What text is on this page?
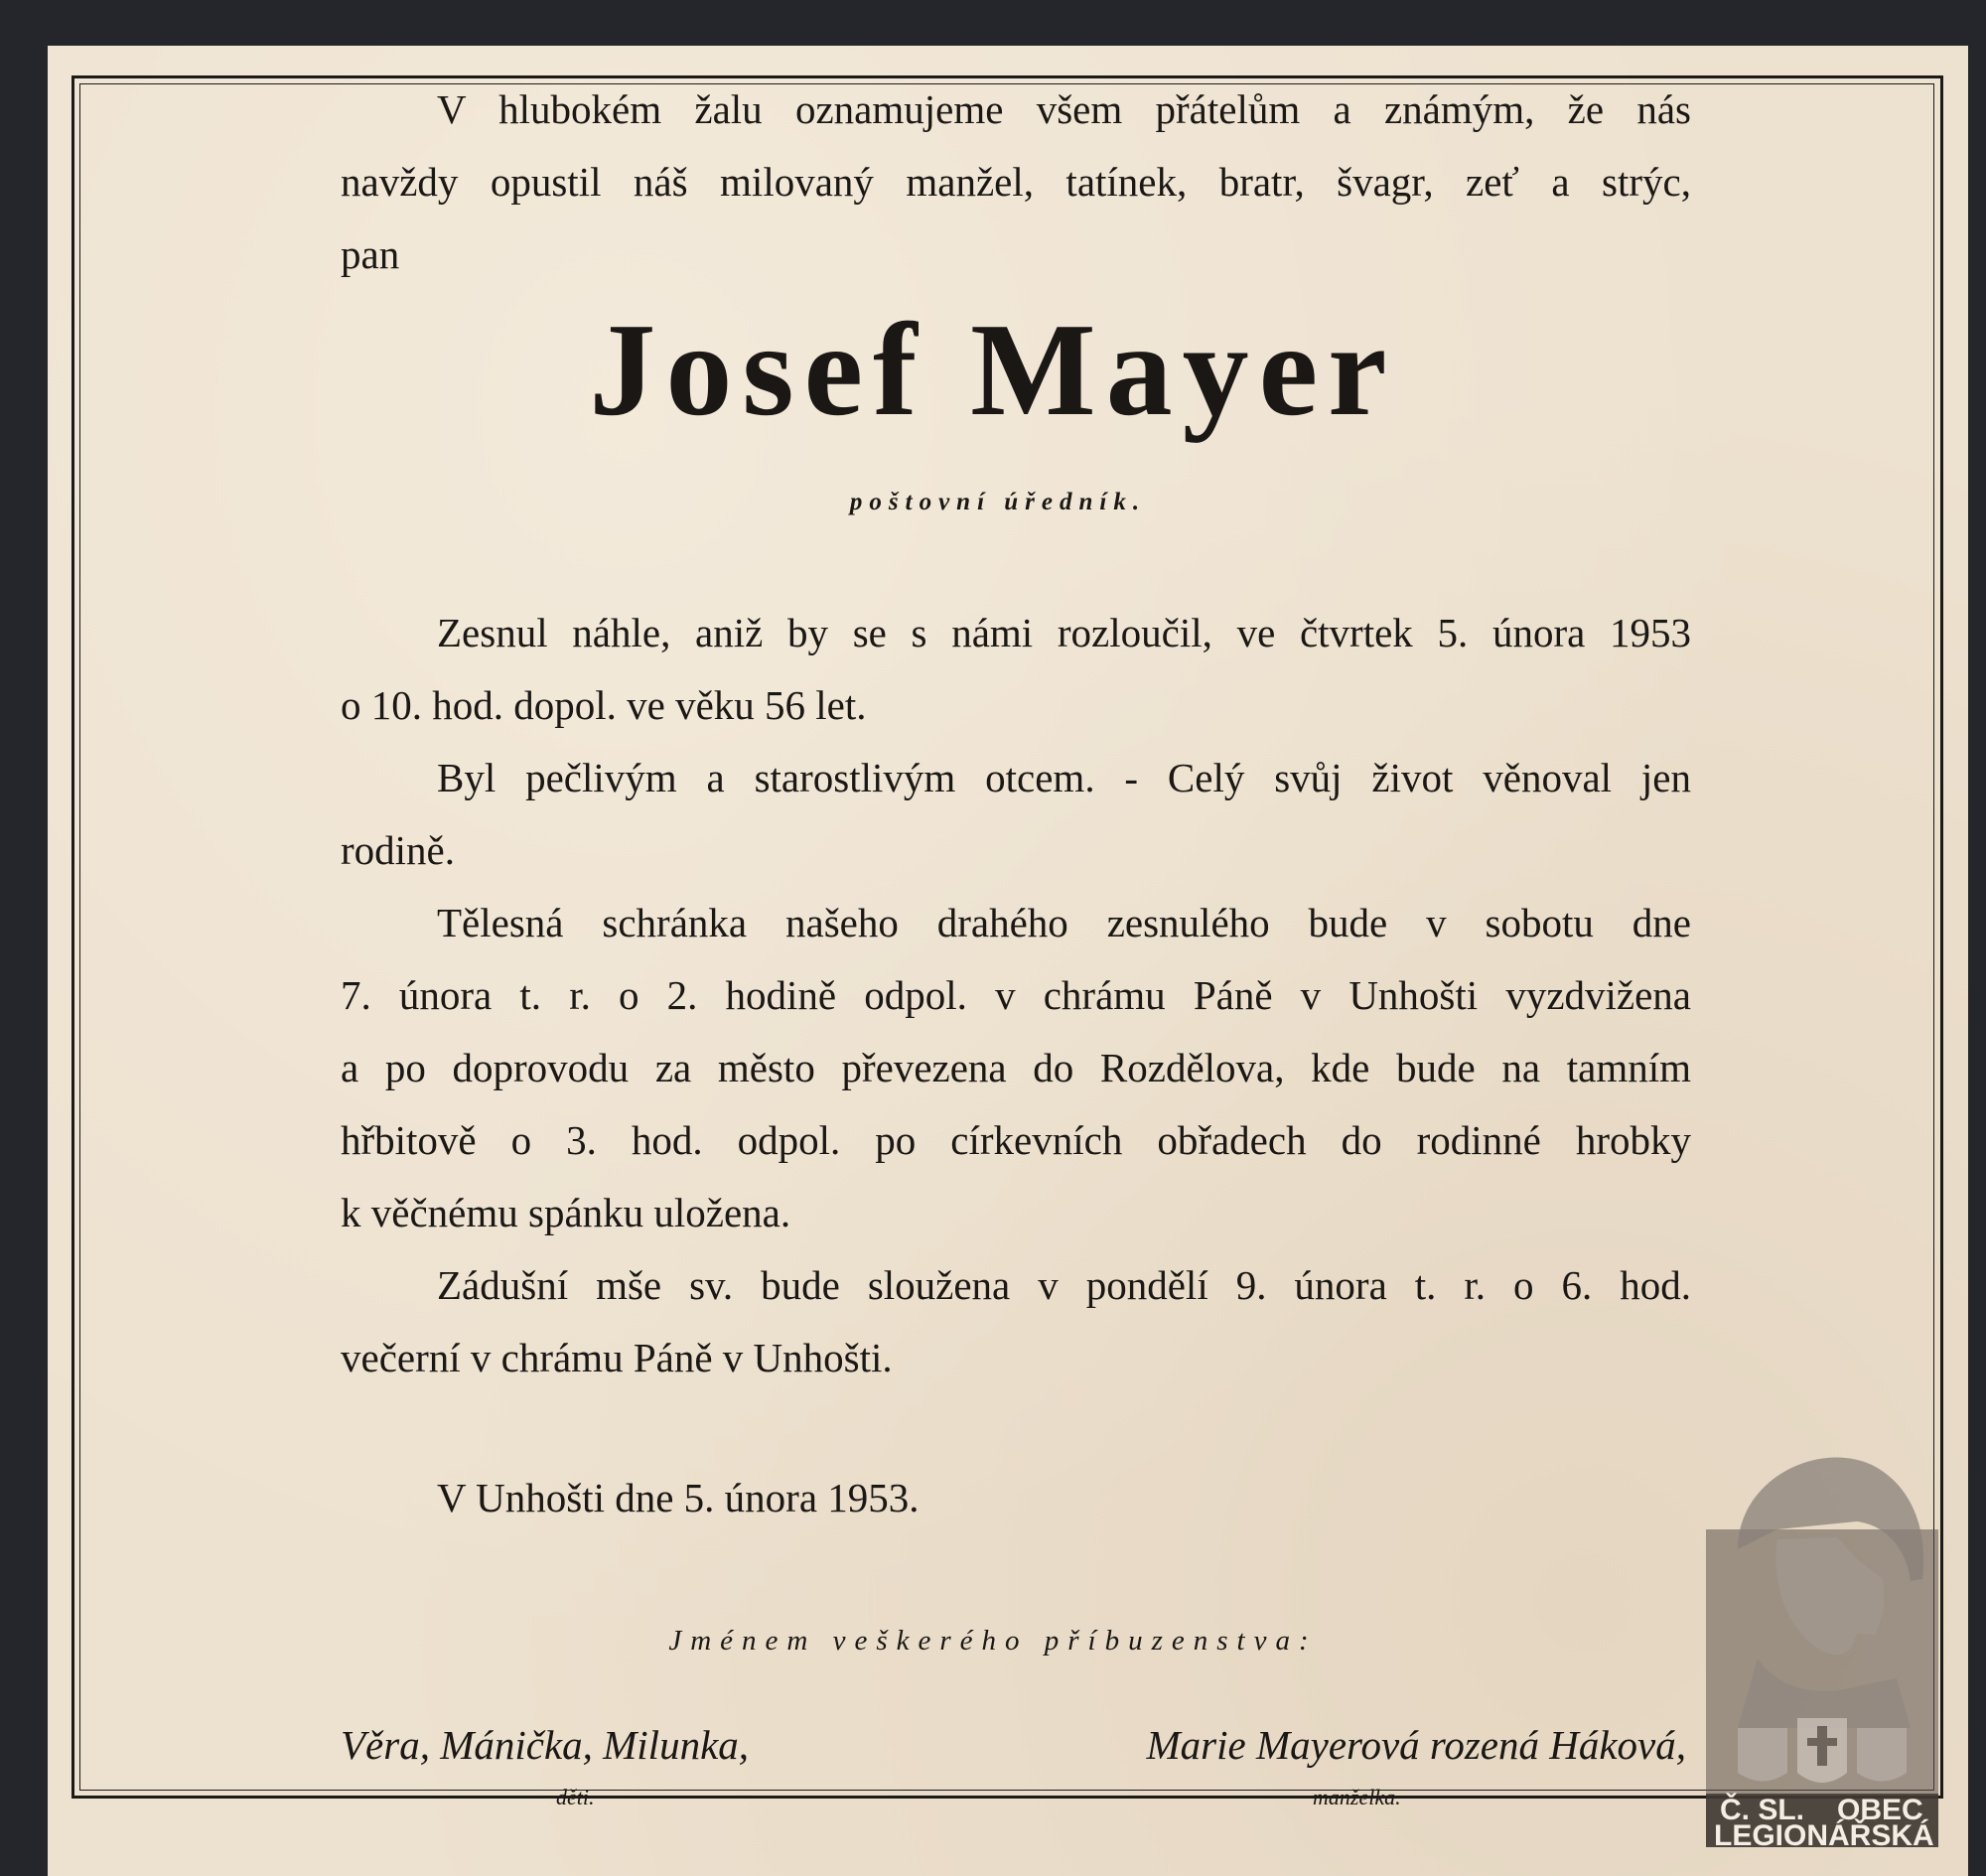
V hlubokém žalu oznamujeme všem přátelům a známým, že nás

navždy opustil náš milovaný manžel, tatínek, bratr, švagr, zeť a strýc,

pan

Josef Mayer

poštovní úředník.

Zesnul náhle, aniž by se s námi rozloučil, ve čtvrtek 5. února 1953

o 10. hod. dopol. ve věku 56 let.

Byl pečlivým a starostlivým otcem. - Celý svůj život věnoval jen

rodině.

Tělesná schránka našeho drahého zesnulého bude v sobotu dne

7. února t. r. o 2. hodině odpol. v chrámu Páně v Unhošti vyzdvižena

a po doprovodu za město převezena do Rozdělova, kde bude na tamním

hřbitově o 3. hod. odpol. po církevních obřadech do rodinné hrobky

k věčnému spánku uložena.

Zádušní mše sv. bude sloužena v pondělí 9. února t. r. o 6. hod.

večerní v chrámu Páně v Unhošti.

V Unhošti dne 5. února 1953.

Jménem veškerého příbuzenstva:

Věra, Mánička, Milunka,

děti.

Marie Mayerová rozená Háková,

manželka.	Č. SL. OBEC
LEGIONÁŘSKÁ
